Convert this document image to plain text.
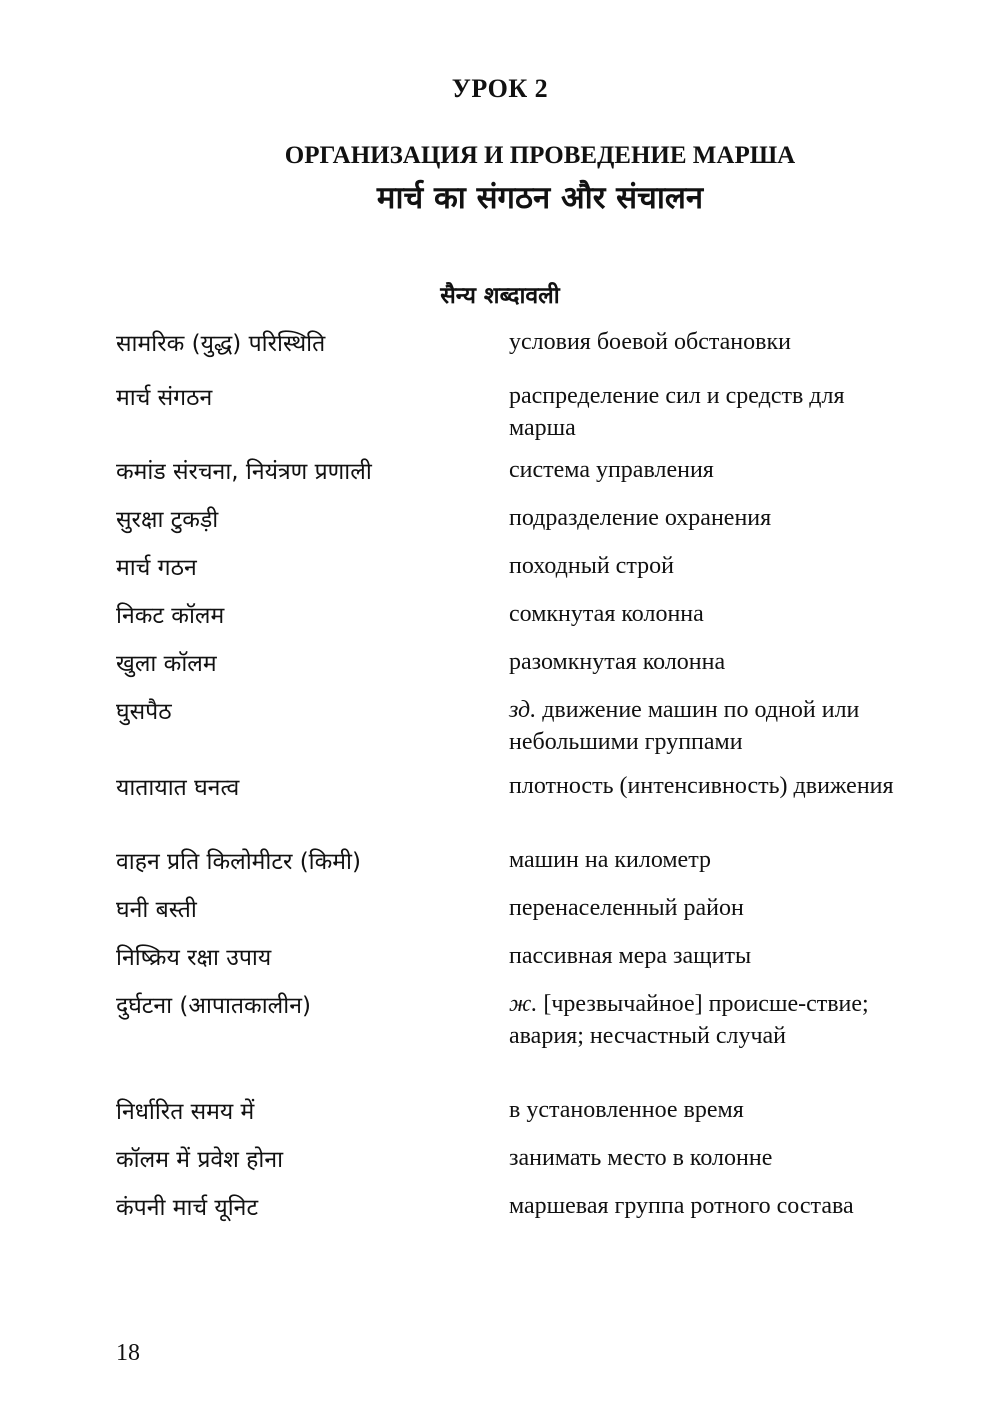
УРОК 2
ОРГАНИЗАЦИЯ И ПРОВЕДЕНИЕ МАРША
मार्च का संगठन और संचालन
सैन्य शब्दावली
सामरिक (युद्ध) परिस्थिति	условия боевой обстановки
मार्च संगठन	распределение сил и средств для марша
कमांड संरचना, नियंत्रण प्रणाली	система управления
सुरक्षा टुकड़ी	подразделение охранения
मार्च गठन	походный строй
निकट कॉलम	сомкнутая колонна
खुला कॉलम	разомкнутая колонна
घुसपैठ	зд. движение машин по одной или небольшими группами
यातायात घनत्व	плотность (интенсивность) движения
वाहन प्रति किलोमीटर (किमी)	машин на километр
घनी बस्ती	перенаселенный район
निष्क्रिय रक्षा उपाय	пассивная мера защиты
दुर्घटना (आपातकालीन)	ж. [чрезвычайное] происше-ствие; авария; несчастный случай
निर्धारित समय में	в установленное время
कॉलम में प्रवेश होना	занимать место в колонне
कंपनी मार्च यूनिट	маршевая группа ротного состава
18
